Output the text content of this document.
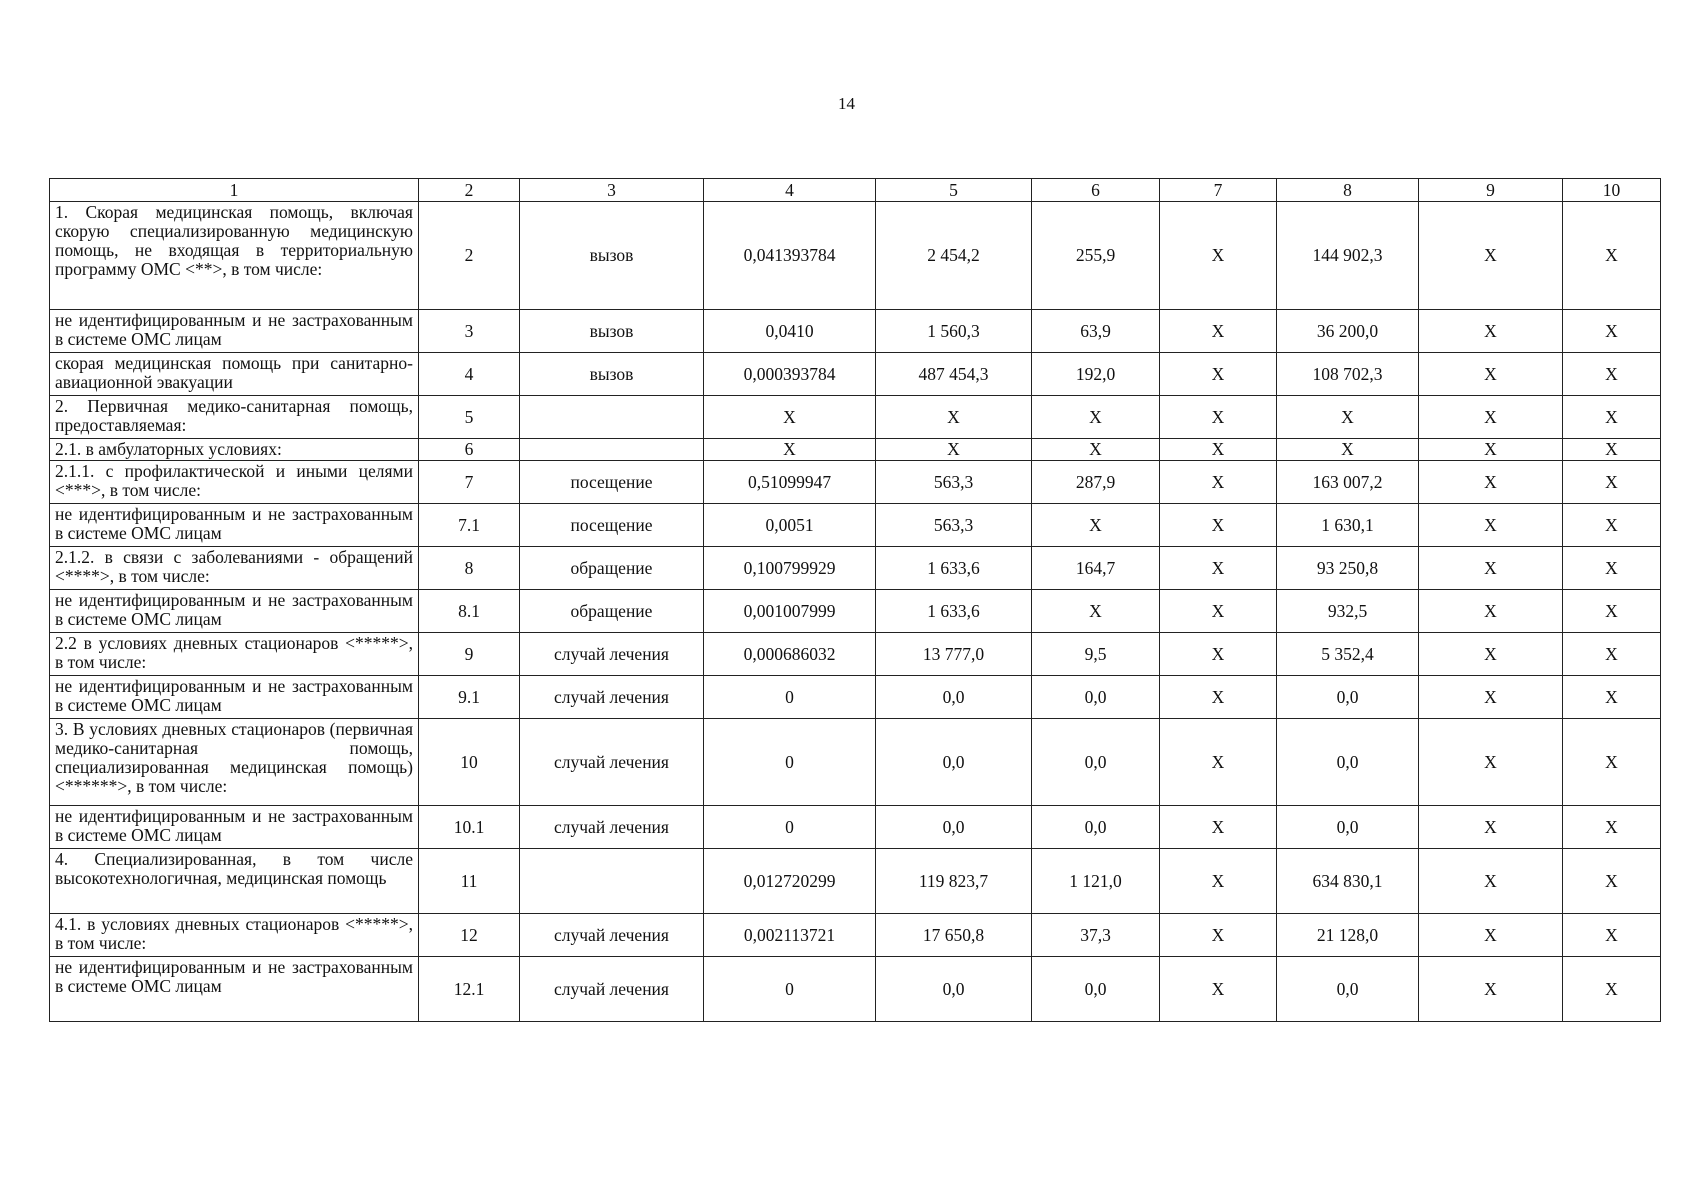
14
1	2	3	4	5	6	7	8	9	10
1. Скорая медицинская помощь, включая скорую специализированную медицинскую помощь, не входящая в территориальную программу ОМС <**>, в том числе:	2	вызов	0,041393784	2 454,2	255,9	X	144 902,3	X	X
не идентифицированным и не застрахованным в системе ОМС лицам	3	вызов	0,0410	1 560,3	63,9	X	36 200,0	X	X
скорая медицинская помощь при санитарно-авиационной эвакуации	4	вызов	0,000393784	487 454,3	192,0	X	108 702,3	X	X
2. Первичная медико-санитарная помощь, предоставляемая:	5		X	X	X	X	X	X	X
2.1. в амбулаторных условиях:	6		X	X	X	X	X	X	X
2.1.1. с профилактической и иными целями <***>, в том числе:	7	посещение	0,51099947	563,3	287,9	X	163 007,2	X	X
не идентифицированным и не застрахованным в системе ОМС лицам	7.1	посещение	0,0051	563,3	X	X	1 630,1	X	X
2.1.2. в связи с заболеваниями - обращений <****>, в том числе:	8	обращение	0,100799929	1 633,6	164,7	X	93 250,8	X	X
не идентифицированным и не застрахованным в системе ОМС лицам	8.1	обращение	0,001007999	1 633,6	X	X	932,5	X	X
2.2 в условиях дневных стационаров <*****>, в том числе:	9	случай лечения	0,000686032	13 777,0	9,5	X	5 352,4	X	X
не идентифицированным и не застрахованным в системе ОМС лицам	9.1	случай лечения	0	0,0	0,0	X	0,0	X	X
3. В условиях дневных стационаров (первичная медико-санитарная помощь, специализированная медицинская помощь) <******>, в том числе:	10	случай лечения	0	0,0	0,0	X	0,0	X	X
не идентифицированным и не застрахованным в системе ОМС лицам	10.1	случай лечения	0	0,0	0,0	X	0,0	X	X
4. Специализированная, в том числе высокотехнологичная, медицинская помощь	11		0,012720299	119 823,7	1 121,0	X	634 830,1	X	X
4.1. в условиях дневных стационаров <*****>, в том числе:	12	случай лечения	0,002113721	17 650,8	37,3	X	21 128,0	X	X
не идентифицированным и не застрахованным в системе ОМС лицам	12.1	случай лечения	0	0,0	0,0	X	0,0	X	X
